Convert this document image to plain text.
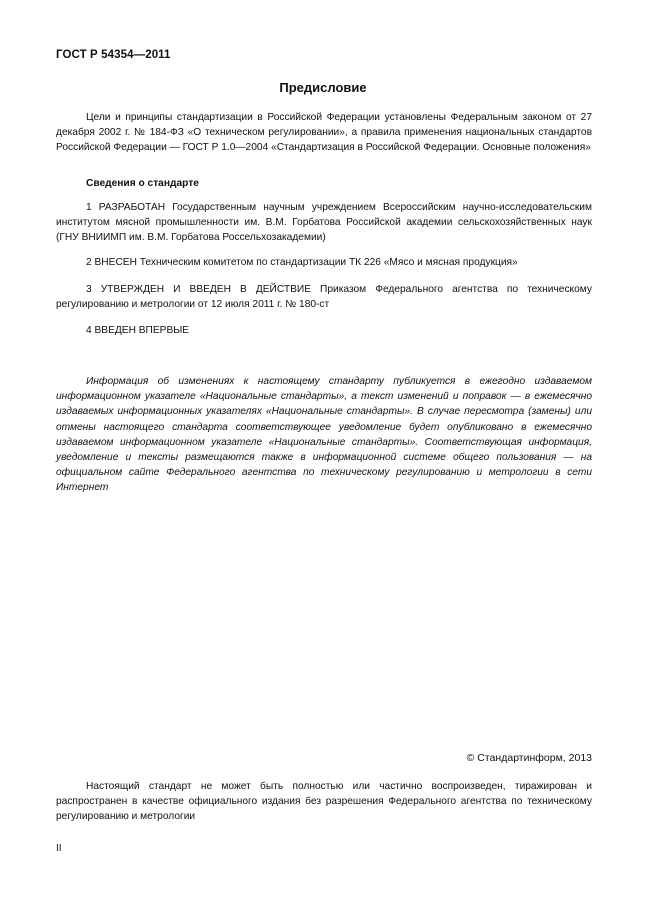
ГОСТ Р 54354—2011
Предисловие
Цели и принципы стандартизации в Российской Федерации установлены Федеральным законом от 27 декабря 2002 г. № 184-ФЗ «О техническом регулировании», а правила применения национальных стандартов Российской Федерации — ГОСТ Р 1.0—2004 «Стандартизация в Российской Федерации. Основные положения»
Сведения о стандарте
1 РАЗРАБОТАН Государственным научным учреждением Всероссийским научно-исследовательским институтом мясной промышленности им. В.М. Горбатова Российской академии сельскохозяйственных наук (ГНУ ВНИИМП им. В.М. Горбатова Россельхозакадемии)
2 ВНЕСЕН Техническим комитетом по стандартизации ТК 226 «Мясо и мясная продукция»
3 УТВЕРЖДЕН И ВВЕДЕН В ДЕЙСТВИЕ Приказом Федерального агентства по техническому регулированию и метрологии от 12 июля 2011 г. № 180-ст
4 ВВЕДЕН ВПЕРВЫЕ
Информация об изменениях к настоящему стандарту публикуется в ежегодно издаваемом информационном указателе «Национальные стандарты», а текст изменений и поправок — в ежемесячно издаваемых информационных указателях «Национальные стандарты». В случае пересмотра (замены) или отмены настоящего стандарта соответствующее уведомление будет опубликовано в ежемесячно издаваемом информационном указателе «Национальные стандарты». Соответствующая информация, уведомление и тексты размещаются также в информационной системе общего пользования — на официальном сайте Федерального агентства по техническому регулированию и метрологии в сети Интернет
© Стандартинформ, 2013
Настоящий стандарт не может быть полностью или частично воспроизведен, тиражирован и распространен в качестве официального издания без разрешения Федерального агентства по техническому регулированию и метрологии
II
